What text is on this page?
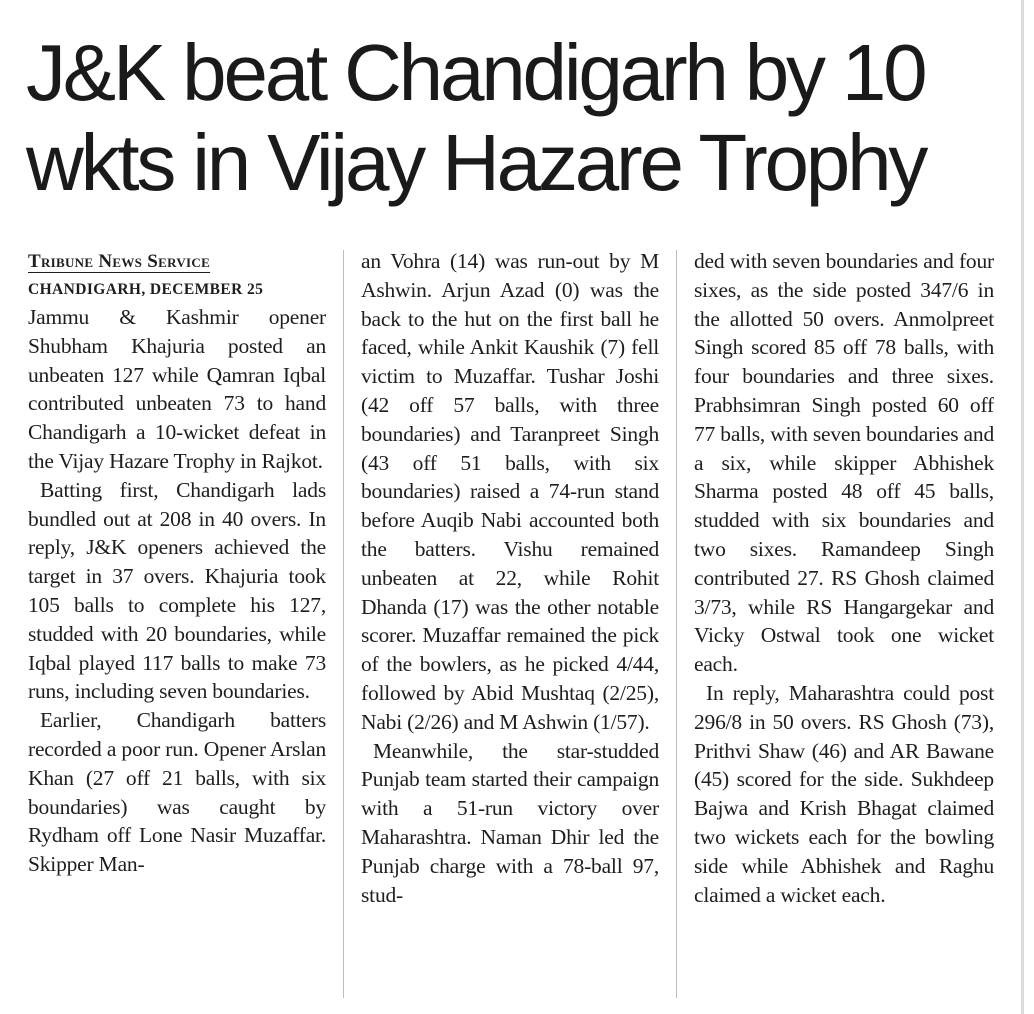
J&K beat Chandigarh by 10
wkts in Vijay Hazare Trophy

Tribune News Service

CHANDIGARH, DECEMBER 25

Jammu & Kashmir opener Shubham Khajuria posted an unbeaten 127 while Qamran Iqbal contributed unbeaten 73 to hand Chandigarh a 10-wicket defeat in the Vijay Hazare Trophy in Rajkot.

Batting first, Chandigarh lads bundled out at 208 in 40 overs. In reply, J&K openers achieved the target in 37 overs. Khajuria took 105 balls to complete his 127, studded with 20 boundaries, while Iqbal played 117 balls to make 73 runs, including seven boundaries.

Earlier, Chandigarh batters recorded a poor run. Opener Arslan Khan (27 off 21 balls, with six boundaries) was caught by Rydham off Lone Nasir Muzaffar. Skipper Man-

an Vohra (14) was run-out by M Ashwin. Arjun Azad (0) was the back to the hut on the first ball he faced, while Ankit Kaushik (7) fell victim to Muzaffar. Tushar Joshi (42 off 57 balls, with three boundaries) and Taranpreet Singh (43 off 51 balls, with six boundaries) raised a 74-run stand before Auqib Nabi accounted both the batters. Vishu remained unbeaten at 22, while Rohit Dhanda (17) was the other notable scorer. Muzaffar remained the pick of the bowlers, as he picked 4/44, followed by Abid Mushtaq (2/25), Nabi (2/26) and M Ashwin (1/57).

Meanwhile, the star-studded Punjab team started their campaign with a 51-run victory over Maharashtra. Naman Dhir led the Punjab charge with a 78-ball 97, stud-

ded with seven boundaries and four sixes, as the side posted 347/6 in the allotted 50 overs. Anmolpreet Singh scored 85 off 78 balls, with four boundaries and three sixes. Prabhsimran Singh posted 60 off 77 balls, with seven boundaries and a six, while skipper Abhishek Sharma posted 48 off 45 balls, studded with six boundaries and two sixes. Ramandeep Singh contributed 27. RS Ghosh claimed 3/73, while RS Hangargekar and Vicky Ostwal took one wicket each.

In reply, Maharashtra could post 296/8 in 50 overs. RS Ghosh (73), Prithvi Shaw (46) and AR Bawane (45) scored for the side. Sukhdeep Bajwa and Krish Bhagat claimed two wickets each for the bowling side while Abhishek and Raghu claimed a wicket each.
